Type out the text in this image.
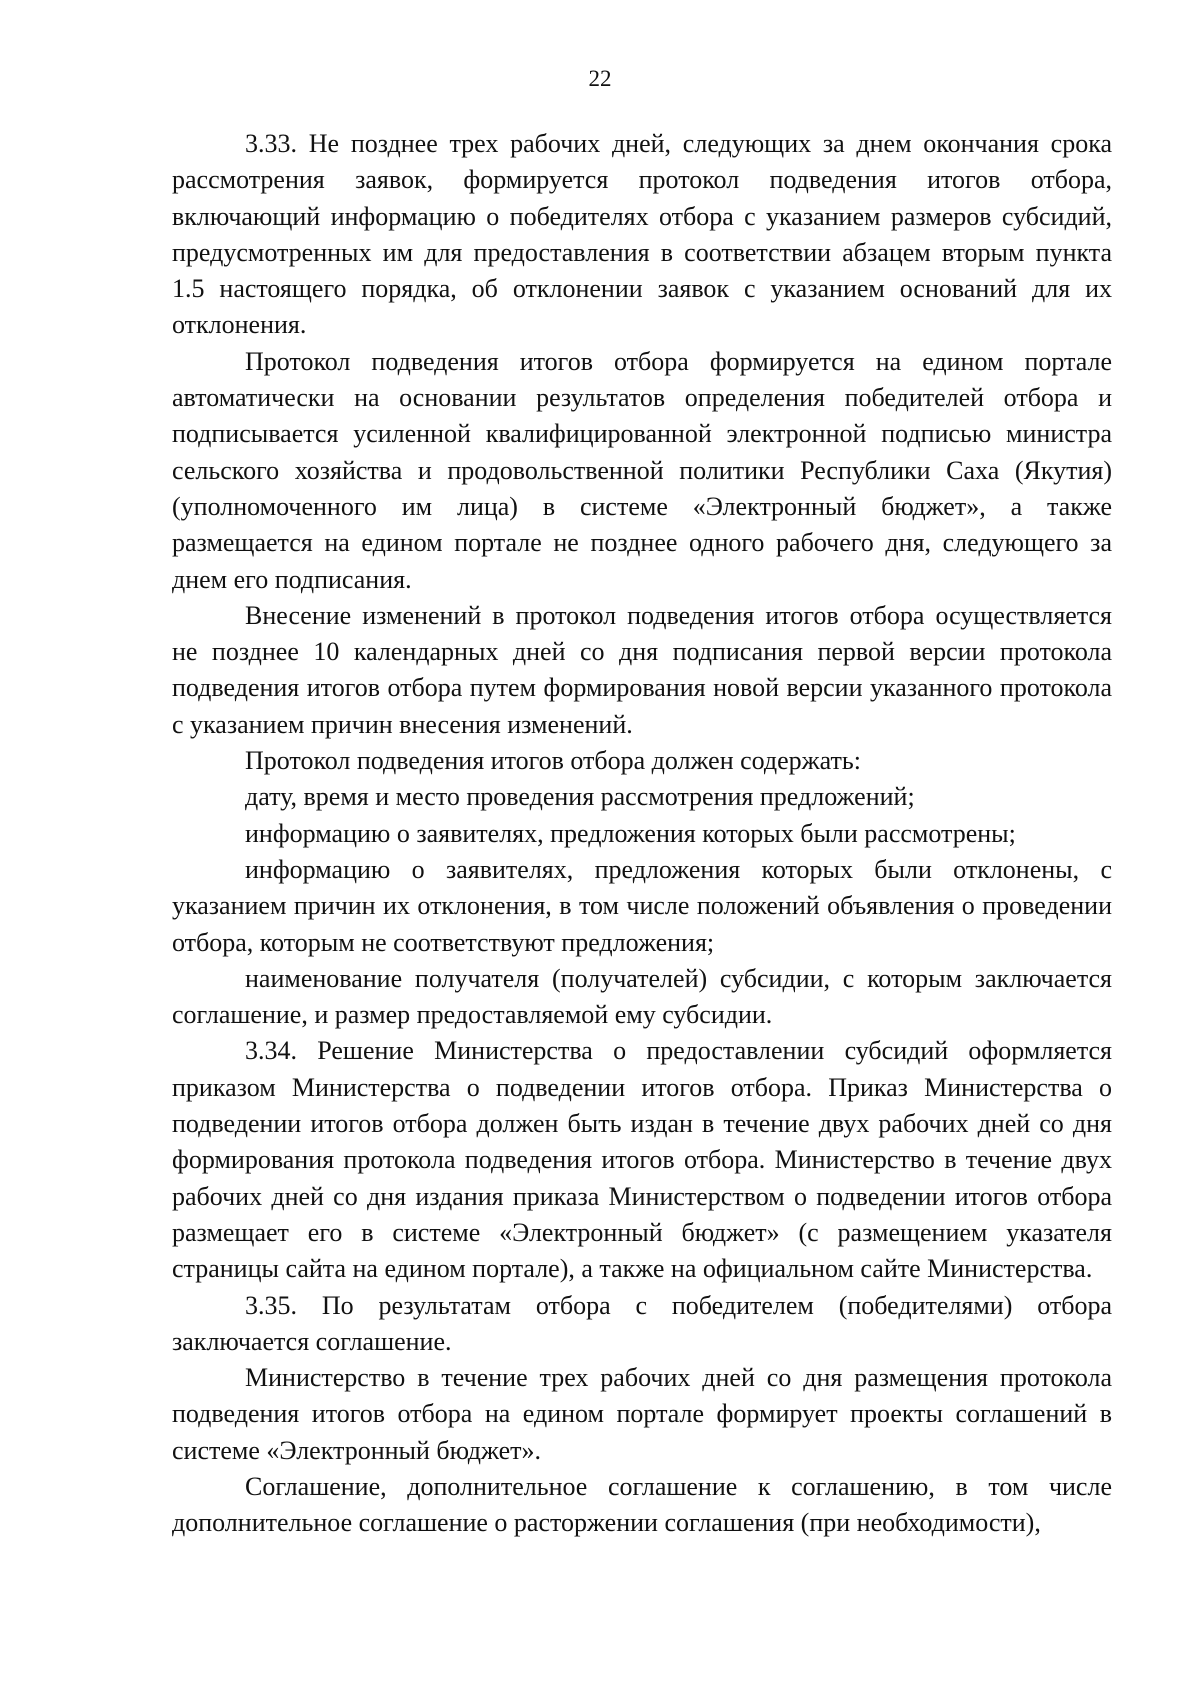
22

3.33. Не позднее трех рабочих дней, следующих за днем окончания срока рассмотрения заявок, формируется протокол подведения итогов отбора, включающий информацию о победителях отбора с указанием размеров субсидий, предусмотренных им для предоставления в соответствии абзацем вторым пункта 1.5 настоящего порядка, об отклонении заявок с указанием оснований для их отклонения.

Протокол подведения итогов отбора формируется на едином портале автоматически на основании результатов определения победителей отбора и подписывается усиленной квалифицированной электронной подписью министра сельского хозяйства и продовольственной политики Республики Саха (Якутия) (уполномоченного им лица) в системе «Электронный бюджет», а также размещается на едином портале не позднее одного рабочего дня, следующего за днем его подписания.

Внесение изменений в протокол подведения итогов отбора осуществляется не позднее 10 календарных дней со дня подписания первой версии протокола подведения итогов отбора путем формирования новой версии указанного протокола с указанием причин внесения изменений.

Протокол подведения итогов отбора должен содержать:

дату, время и место проведения рассмотрения предложений;

информацию о заявителях, предложения которых были рассмотрены;

информацию о заявителях, предложения которых были отклонены, с указанием причин их отклонения, в том числе положений объявления о проведении отбора, которым не соответствуют предложения;

наименование получателя (получателей) субсидии, с которым заключается соглашение, и размер предоставляемой ему субсидии.

3.34. Решение Министерства о предоставлении субсидий оформляется приказом Министерства о подведении итогов отбора. Приказ Министерства о подведении итогов отбора должен быть издан в течение двух рабочих дней со дня формирования протокола подведения итогов отбора. Министерство в течение двух рабочих дней со дня издания приказа Министерством о подведении итогов отбора размещает его в системе «Электронный бюджет» (с размещением указателя страницы сайта на едином портале), а также на официальном сайте Министерства.

3.35. По результатам отбора с победителем (победителями) отбора заключается соглашение.

Министерство в течение трех рабочих дней со дня размещения протокола подведения итогов отбора на едином портале формирует проекты соглашений в системе «Электронный бюджет».

Соглашение, дополнительное соглашение к соглашению, в том числе дополнительное соглашение о расторжении соглашения (при необходимости),
